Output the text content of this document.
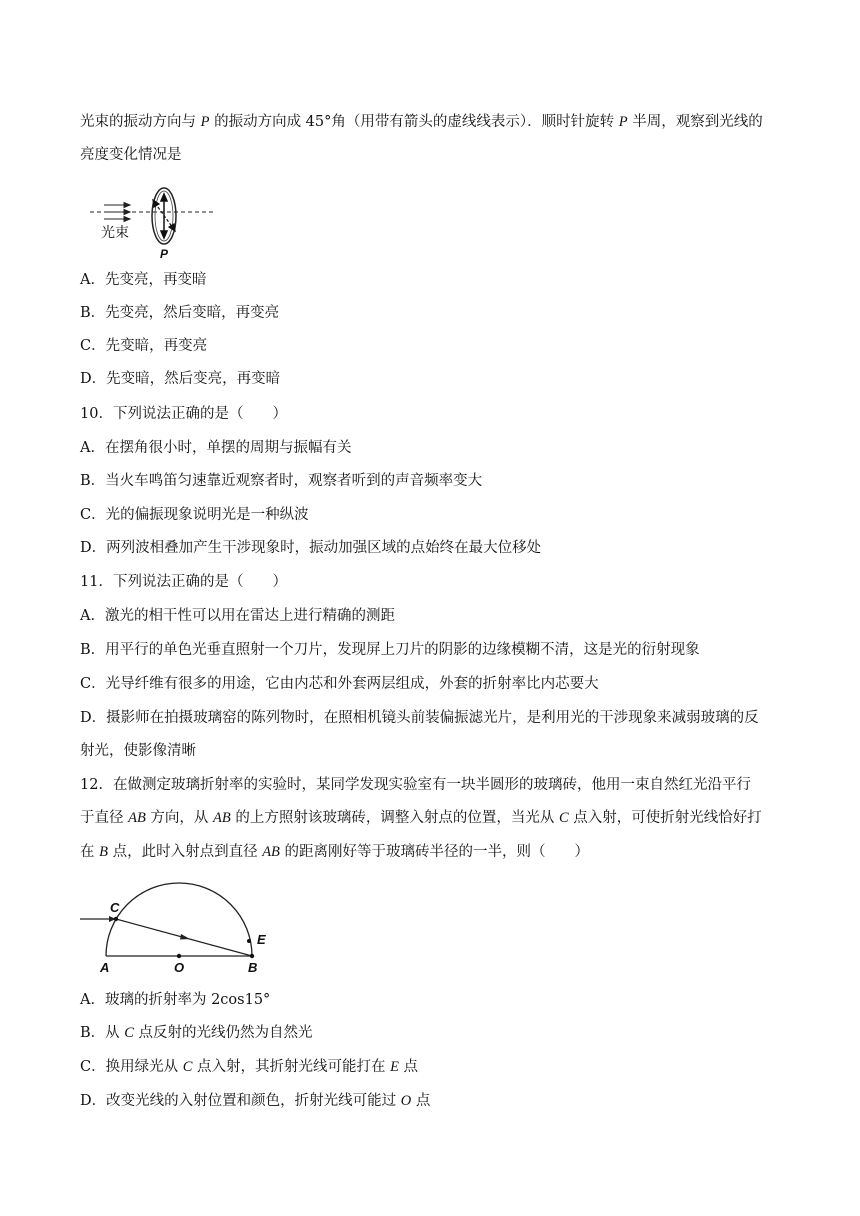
光束的振动方向与 P 的振动方向成 45°角（用带有箭头的虚线线表示）．顺时针旋转 P 半周，观察到光线的
亮度变化情况是
光束
P
A．先变亮，再变暗
B．先变亮，然后变暗，再变亮
C．先变暗，再变亮
D．先变暗，然后变亮，再变暗
10．下列说法正确的是（　　）
A．在摆角很小时，单摆的周期与振幅有关
B．当火车鸣笛匀速靠近观察者时，观察者听到的声音频率变大
C．光的偏振现象说明光是一种纵波
D．两列波相叠加产生干涉现象时，振动加强区域的点始终在最大位移处
11．下列说法正确的是（　　）
A．激光的相干性可以用在雷达上进行精确的测距
B．用平行的单色光垂直照射一个刀片，发现屏上刀片的阴影的边缘模糊不清，这是光的衍射现象
C．光导纤维有很多的用途，它由内芯和外套两层组成，外套的折射率比内芯要大
D．摄影师在拍摄玻璃窑的陈列物时，在照相机镜头前装偏振滤光片，是利用光的干涉现象来减弱玻璃的反
射光，使影像清晰
12．在做测定玻璃折射率的实验时，某同学发现实验室有一块半圆形的玻璃砖，他用一束自然红光沿平行
于直径 AB 方向，从 AB 的上方照射该玻璃砖，调整入射点的位置，当光从 C 点入射，可使折射光线恰好打
在 B 点，此时入射点到直径 AB 的距离刚好等于玻璃砖半径的一半，则（　　）
C
E
A	O	B
A．玻璃的折射率为 2cos15°
B．从 C 点反射的光线仍然为自然光
C．换用绿光从 C 点入射，其折射光线可能打在 E 点
D．改变光线的入射位置和颜色，折射光线可能过 O 点
